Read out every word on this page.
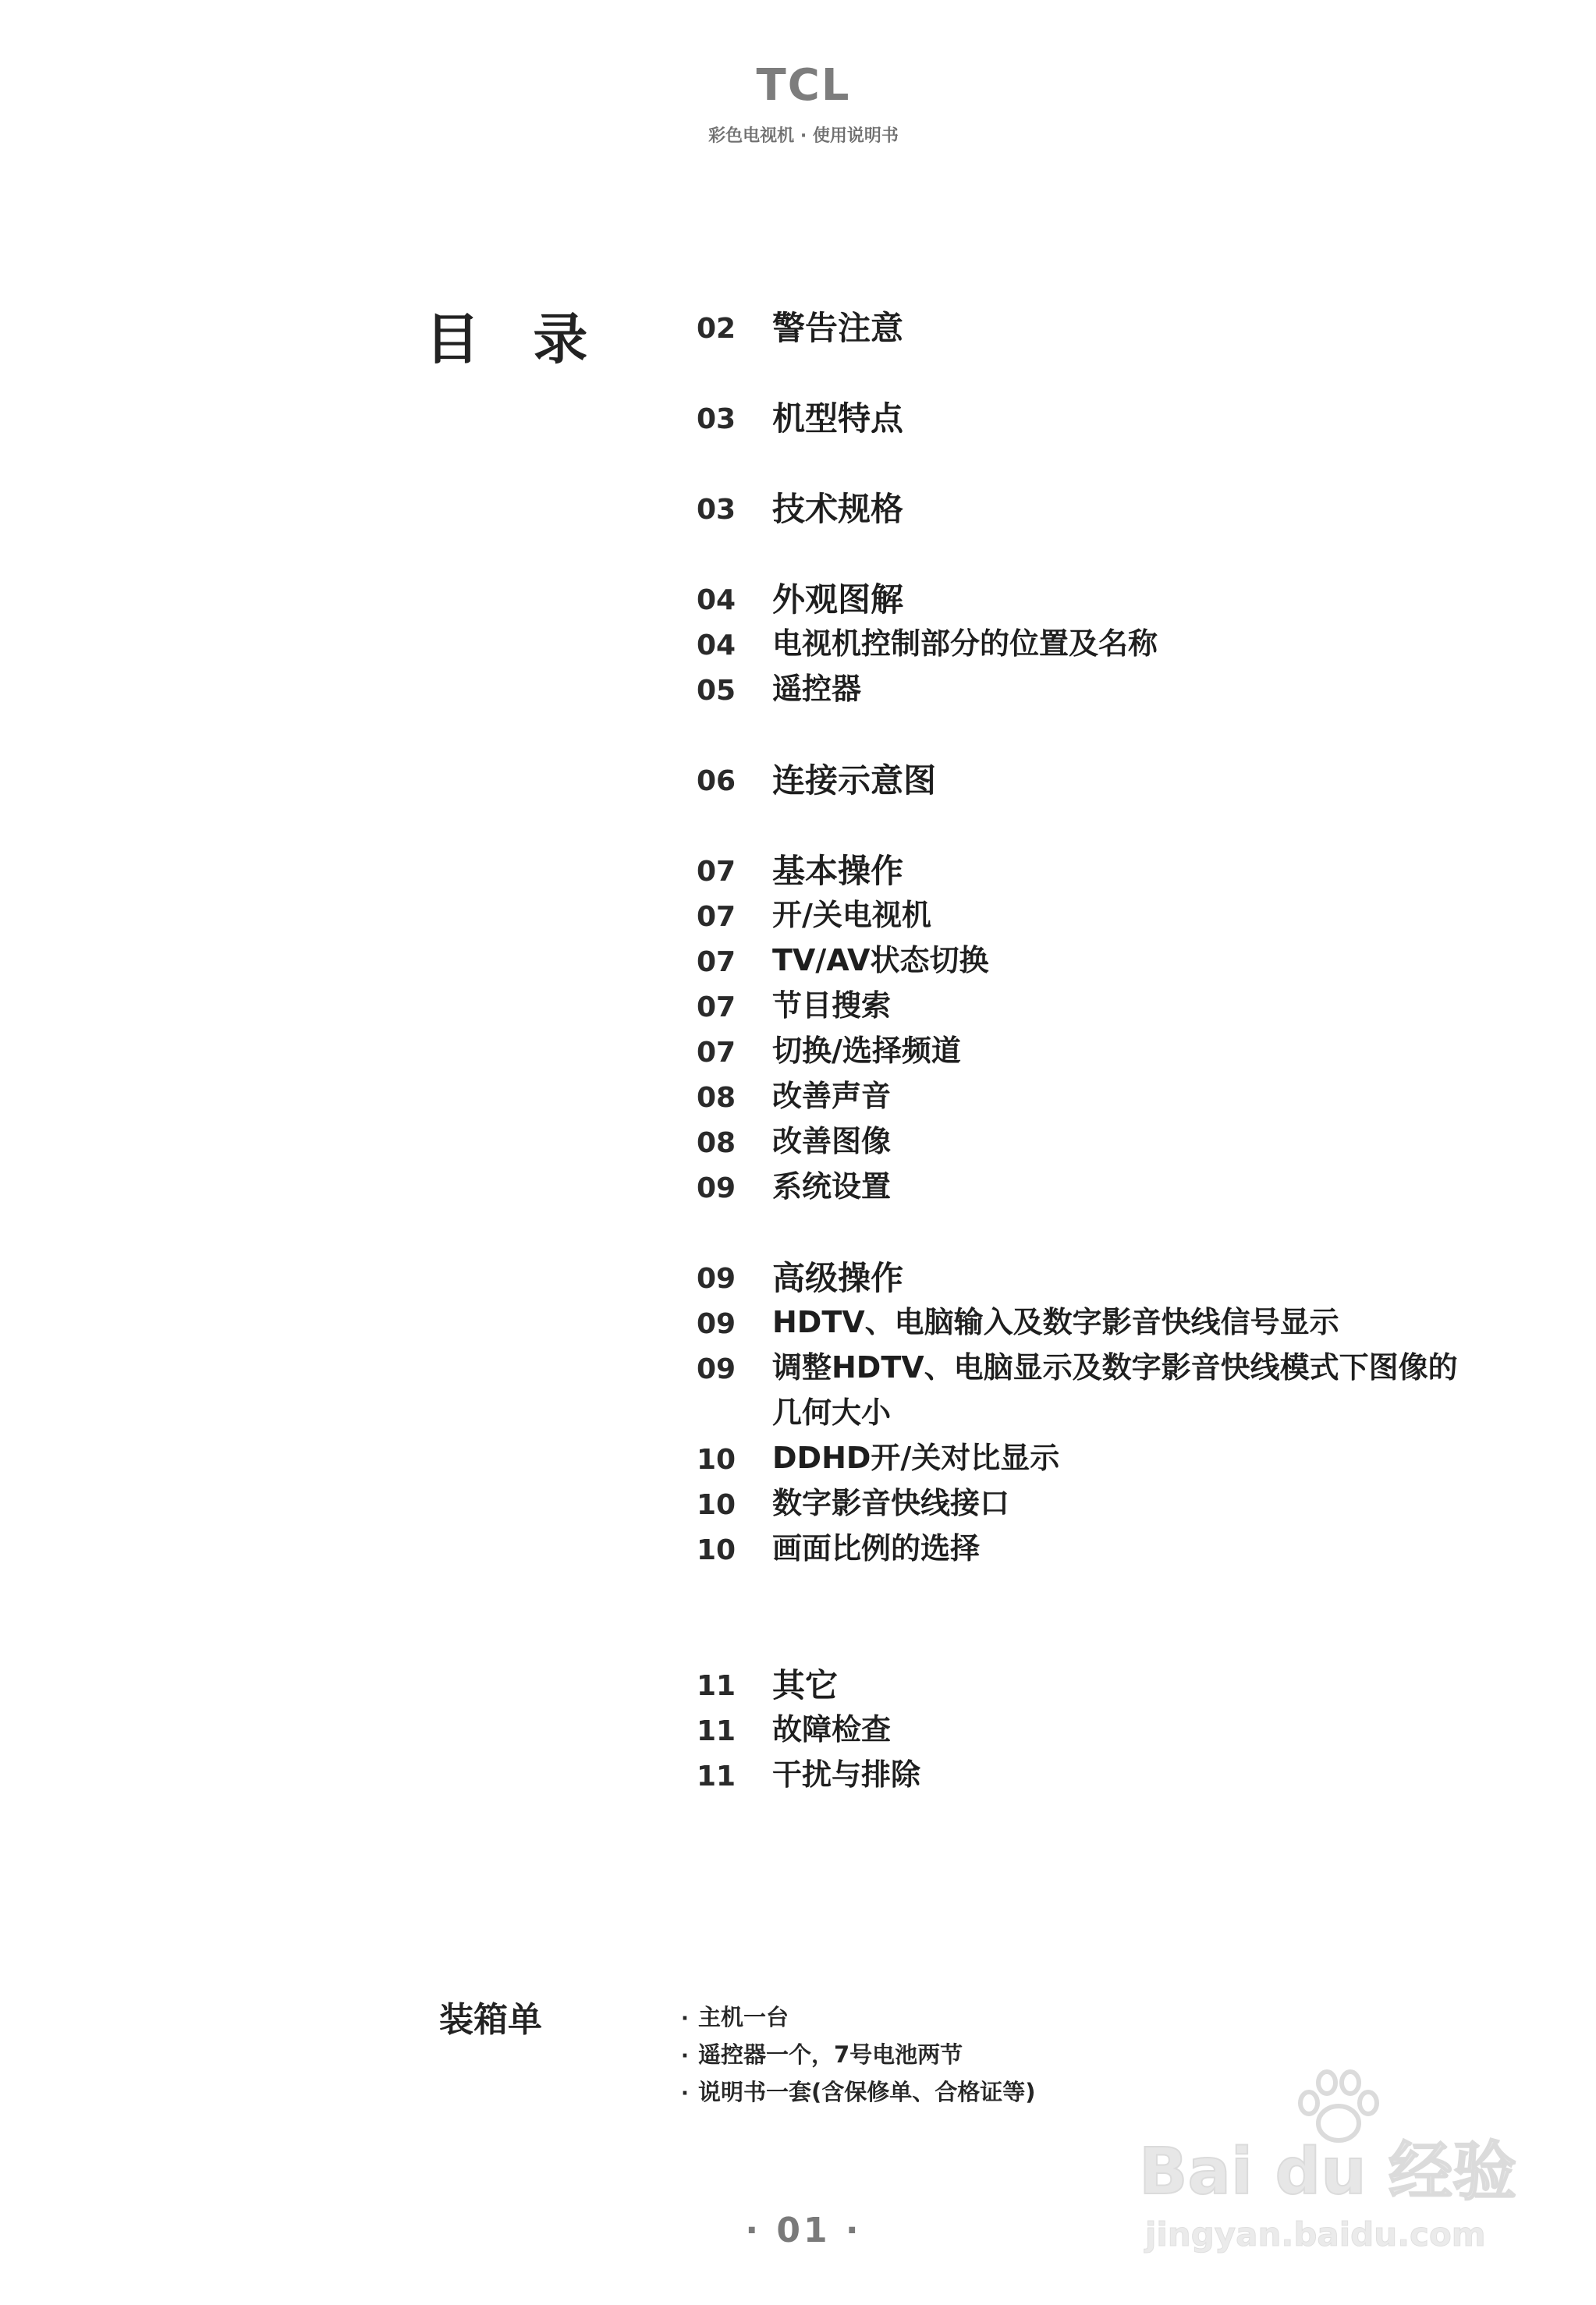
TCL
彩色电视机 · 使用说明书
目 录	02 警告注意
03 机型特点
03 技术规格
04 外观图解
04 电视机控制部分的位置及名称
05 遥控器
06 连接示意图
07 基本操作
07 开/关电视机
07 TV/AV状态切换
07 节目搜索
07 切换/选择频道
08 改善声音
08 改善图像
09 系统设置
09 高级操作
09 HDTV、电脑输入及数字影音快线信号显示
09 调整HDTV、电脑显示及数字影音快线模式下图像的
几何大小
10 DDHD开/关对比显示
10 数字影音快线接口
10 画面比例的选择
11 其它
11 故障检查
11 干扰与排除
装箱单	· 主机一台
· 遥控器一个，7号电池两节
· 说明书一套(含保修单、合格证等)
· 01 ·
Bai du 经验
jingyan.baidu.com
